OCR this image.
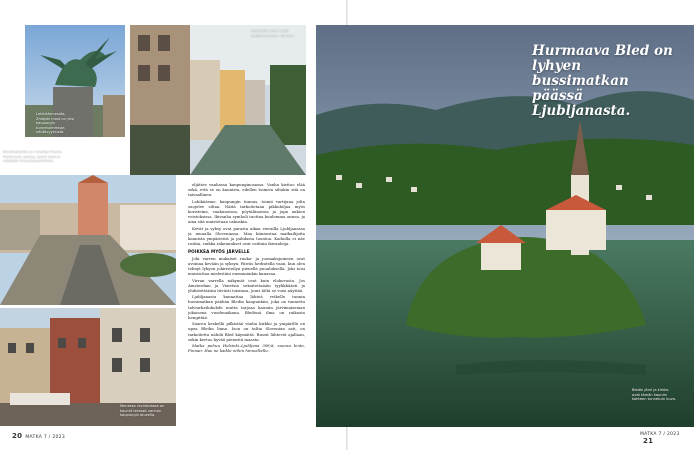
Lohikäärmesilta, Zmajski most on yksi kaupungin tunnetuimmista nähtävyyksistä.
Ravintolat ovat esillä Ljubljanica-joen varrella.
Nimikkotorilla on runoilija France Prešerenin patsas, jonka takana nähdään Franciskaanikirkko.
Monessa ravintolassa on kauniit terassit vanhan kaupungin alueella.

eljättee vanhassa kaupunginosassa. Vanha kivitoo elää sekä, että se on kaunista, edellen toimiva siltakin sitä on taivaallinen.

Lohikäärme, kaupungin tunnus, toimii vartijana jolta suojelee siltaa. Näitä tarkoitetaan pikkuhiljaa myös koristeina, vaakunoissa, pöytäliinoissa ja jopa aukion veistoksissa. Ikivanha symboli tuottaa kuulemma onnea, ja aina sitä muistetaan uskoakin.

Kevät ja syksy ovat parasta aikaa vierailla Ljubljanassa ja muualla Sloveniassa. Maa kiinnostaa matkailijoita kaunista ympäristöä ja puhdasta luontoa. Kaduilla ei näe roskia, vaikka rakennukset ovat osittain ikivanhoja.

POIKKEA MYÖS JÄRVELLE

Joki varren mukaiset ruoka- ja juomakojuineen ovat avoinna kevään ja syksyn. Päiväs herkutella vaan, kun olen tehnyt lyhyen jokiristeilyn pienellä puualuksella. Joki toisi muistuttaa mielestäni enemmänkin kanavaa.

Virran varrella näkymät ovat kuin elokuvasta. Jos Amsterdam ja Venetsia sekoitettaisiin tyylikkäästi ja yhdistettäisiin tiiviisti toisiinsa, juuri tältä se voisi näyttää.

Ljubljanasta kannattaa lähteä retkelle tunnin bussimatkan päähän Bledin kaupunkiin, joka on tunnettu talviurheilukohde mutta tarjoaa kauniin järvimaiseman jokaisena vuodenaikana. Bledissä ilma on raikasta hengittää.

Saaren keskellä pilkistää vanha kirkko ja ympärillä on upea Bledin linna. Ison on taltia Slovenian asti, on tarkoitettu nähdä Bled käymättä. Bussit lähtevät ajallaan, sekin kertoo hyvää pienestä maasta.

Matka puhuu Helsinki–Ljubljana 30€/ä, suoraa lento, Finnair. Hae ne kaikki niihin hinnoiltellu.

20 MATKA 7 / 2023
Hurmaava Bled on lyhyen bussimatkan päässä Ljubljanasta.
Bledin järvi ja kirkko ovat tämän kauniin kohteen tunnetuin kuva.
MATKA 7 / 2023 21
